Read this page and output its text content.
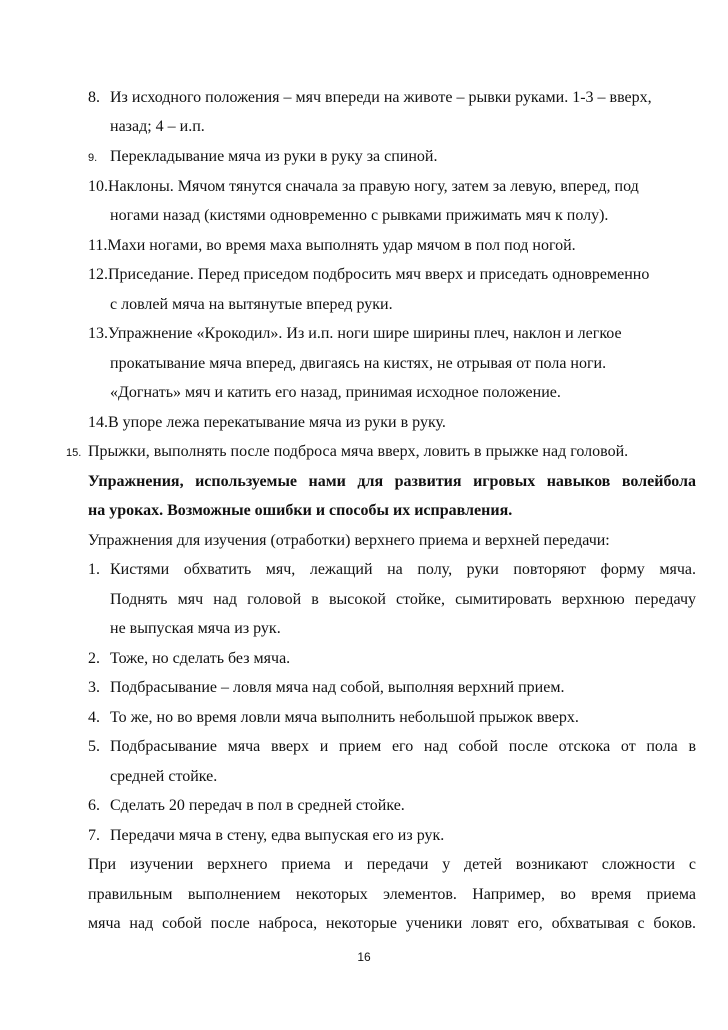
8. Из исходного положения – мяч впереди на животе – рывки руками. 1-3 – вверх,
назад; 4 – и.п.
9. Перекладывание мяча из руки в руку за спиной.
10.Наклоны. Мячом тянутся сначала за правую ногу, затем за левую, вперед, под
ногами назад (кистями одновременно с рывками прижимать мяч к полу).
11.Махи ногами, во время маха выполнять удар мячом в пол под ногой.
12.Приседание. Перед приседом подбросить мяч вверх и приседать одновременно
с ловлей мяча на вытянутые вперед руки.
13.Упражнение «Крокодил». Из и.п. ноги шире ширины плеч, наклон и легкое
прокатывание мяча вперед, двигаясь на кистях, не отрывая от пола ноги.
«Догнать» мяч и катить его назад, принимая исходное положение.
14.В упоре лежа перекатывание мяча из руки в руку.
15. Прыжки, выполнять после подброса мяча вверх, ловить в прыжке над головой.
Упражнения, используемые нами для развития игровых навыков волейбола
на уроках. Возможные ошибки и способы их исправления.
Упражнения для изучения (отработки) верхнего приема и верхней передачи:
1. Кистями обхватить мяч, лежащий на полу, руки повторяют форму мяча.
Поднять мяч над головой в высокой стойке, сымитировать верхнюю передачу
не выпуская мяча из рук.
2. Тоже, но сделать без мяча.
3. Подбрасывание – ловля мяча над собой, выполняя верхний прием.
4. То же, но во время ловли мяча выполнить небольшой прыжок вверх.
5. Подбрасывание мяча вверх и прием его над собой после отскока от пола в
средней стойке.
6. Сделать 20 передач в пол в средней стойке.
7. Передачи мяча в стену, едва выпуская его из рук.
При изучении верхнего приема и передачи у детей возникают сложности с
правильным выполнением некоторых элементов. Например, во время приема
мяча над собой после наброса, некоторые ученики ловят его, обхватывая с боков.
16
